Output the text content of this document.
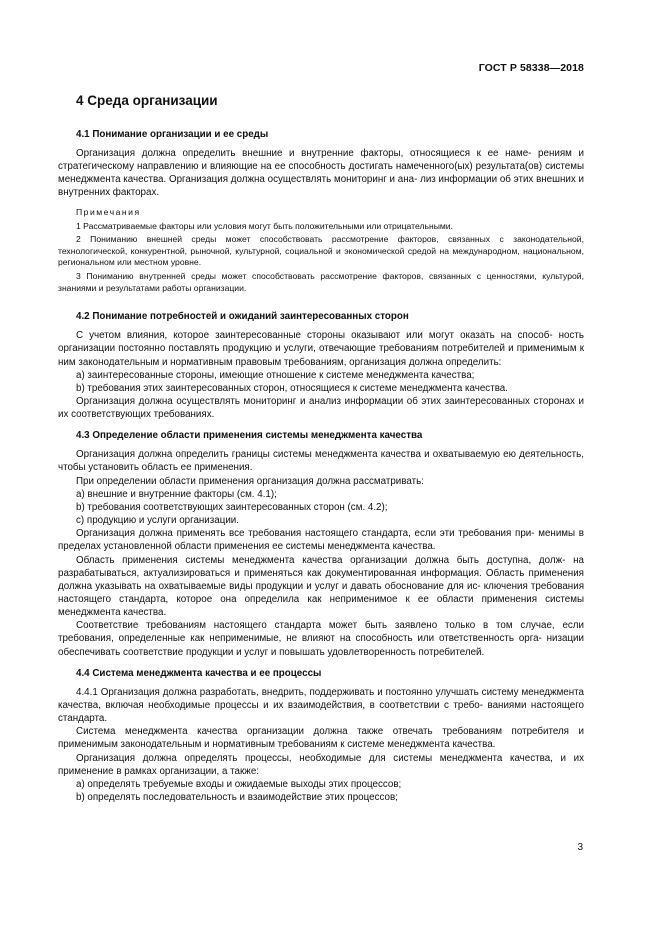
ГОСТ Р 58338—2018
4 Среда организации
4.1 Понимание организации и ее среды

Организация должна определить внешние и внутренние факторы, относящиеся к ее наме- рениям и стратегическому направлению и влияющие на ее способность достигать намеченного(ых) результата(ов) системы менеджмента качества. Организация должна осуществлять мониторинг и ана- лиз информации об этих внешних и внутренних факторах.

Примечания

1 Рассматриваемые факторы или условия могут быть положительными или отрицательными.

2 Пониманию внешней среды может способствовать рассмотрение факторов, связанных с законодательной, технологической, конкурентной, рыночной, культурной, социальной и экономической средой на международном, национальном, региональном или местном уровне.

3 Пониманию внутренней среды может способствовать рассмотрение факторов, связанных с ценностями, культурой, знаниями и результатами работы организации.

4.2 Понимание потребностей и ожиданий заинтересованных сторон

С учетом влияния, которое заинтересованные стороны оказывают или могут оказать на способ- ность организации постоянно поставлять продукцию и услуги, отвечающие требованиям потребителей и применимым к ним законодательным и нормативным правовым требованиям, организация должна определить:

a) заинтересованные стороны, имеющие отношение к системе менеджмента качества;

b) требования этих заинтересованных сторон, относящиеся к системе менеджмента качества.

Организация должна осуществлять мониторинг и анализ информации об этих заинтересованных сторонах и их соответствующих требованиях.

4.3 Определение области применения системы менеджмента качества

Организация должна определить границы системы менеджмента качества и охватываемую ею деятельность, чтобы установить область ее применения.

При определении области применения организация должна рассматривать:

a) внешние и внутренние факторы (см. 4.1);

b) требования соответствующих заинтересованных сторон (см. 4.2);

c) продукцию и услуги организации.

Организация должна применять все требования настоящего стандарта, если эти требования при- менимы в пределах установленной области применения ее системы менеджмента качества.

Область применения системы менеджмента качества организации должна быть доступна, долж- на разрабатываться, актуализироваться и применяться как документированная информация. Область применения должна указывать на охватываемые виды продукции и услуг и давать обоснование для ис- ключения требования настоящего стандарта, которое она определила как неприменимое к ее области применения системы менеджмента качества.

Соответствие требованиям настоящего стандарта может быть заявлено только в том случае, если требования, определенные как неприменимые, не влияют на способность или ответственность орга- низации обеспечивать соответствие продукции и услуг и повышать удовлетворенность потребителей.

4.4 Система менеджмента качества и ее процессы

4.4.1 Организация должна разработать, внедрить, поддерживать и постоянно улучшать систему менеджмента качества, включая необходимые процессы и их взаимодействия, в соответствии с требо- ваниями настоящего стандарта.

Система менеджмента качества организации должна также отвечать требованиям потребителя и применимым законодательным и нормативным требованиям к системе менеджмента качества.

Организация должна определять процессы, необходимые для системы менеджмента качества, и их применение в рамках организации, а также:

a) определять требуемые входы и ожидаемые выходы этих процессов;

b) определять последовательность и взаимодействие этих процессов;

3
